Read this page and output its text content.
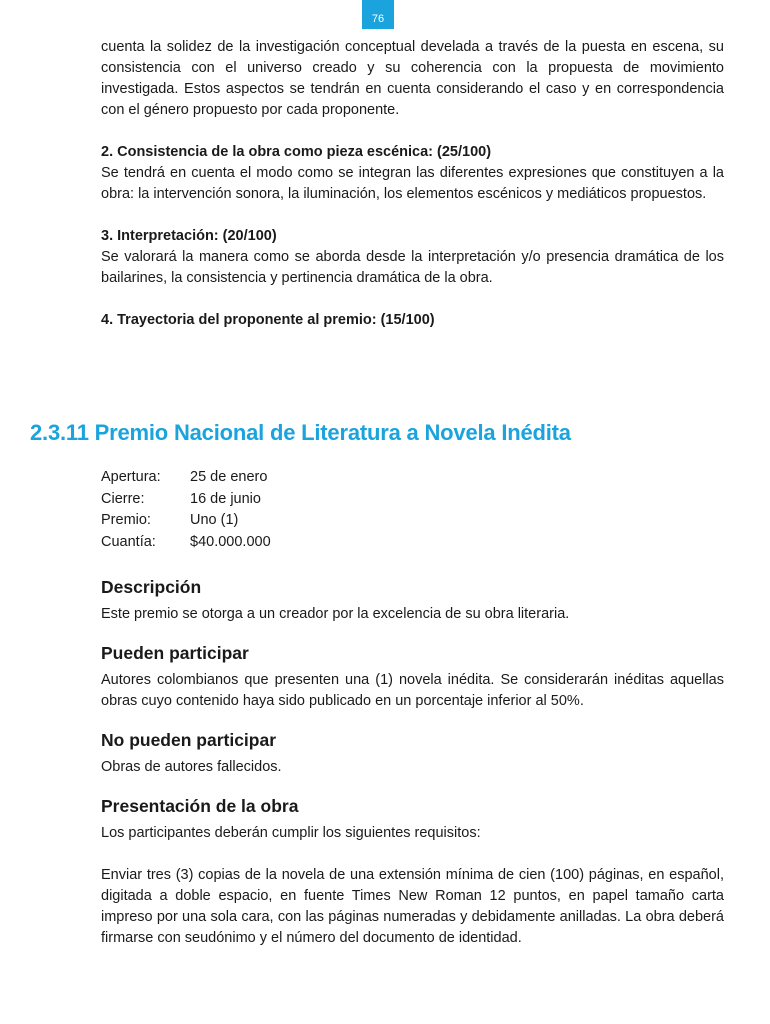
76

cuenta la solidez de la investigación conceptual develada a través de la puesta en escena, su consistencia con el universo creado y su coherencia con la propuesta de movimiento investigada. Estos aspectos se tendrán en cuenta considerando el caso y en correspondencia con el género propuesto por cada proponente.

2. Consistencia de la obra como pieza escénica: (25/100)

Se tendrá en cuenta el modo como se integran las diferentes expresiones que constituyen a la obra: la intervención sonora, la iluminación, los elementos escénicos y mediáticos propuestos.

3. Interpretación: (20/100)

Se valorará la manera como se aborda desde la interpretación y/o presencia dramática de los bailarines, la consistencia y pertinencia dramática de la obra.

4. Trayectoria del proponente al premio: (15/100)

2.3.11 Premio Nacional de Literatura a Novela Inédita
Apertura:	25 de enero
Cierre:	16 de junio
Premio:	Uno (1)
Cuantía:	$40.000.000
Descripción

Este premio se otorga a un creador por la excelencia de su obra literaria.

Pueden participar

Autores colombianos que presenten una (1) novela inédita. Se considerarán inéditas aquellas obras cuyo contenido haya sido publicado en un porcentaje inferior al 50%.

No pueden participar

Obras de autores fallecidos.

Presentación de la obra

Los participantes deberán cumplir los siguientes requisitos:

Enviar tres (3) copias de la novela de una extensión mínima de cien (100) páginas, en español, digitada a doble espacio, en fuente Times New Roman 12 puntos, en papel tamaño carta impreso por una sola cara, con las páginas numeradas y debidamente anilladas. La obra deberá firmarse con seudónimo y el número del documento de identidad.
